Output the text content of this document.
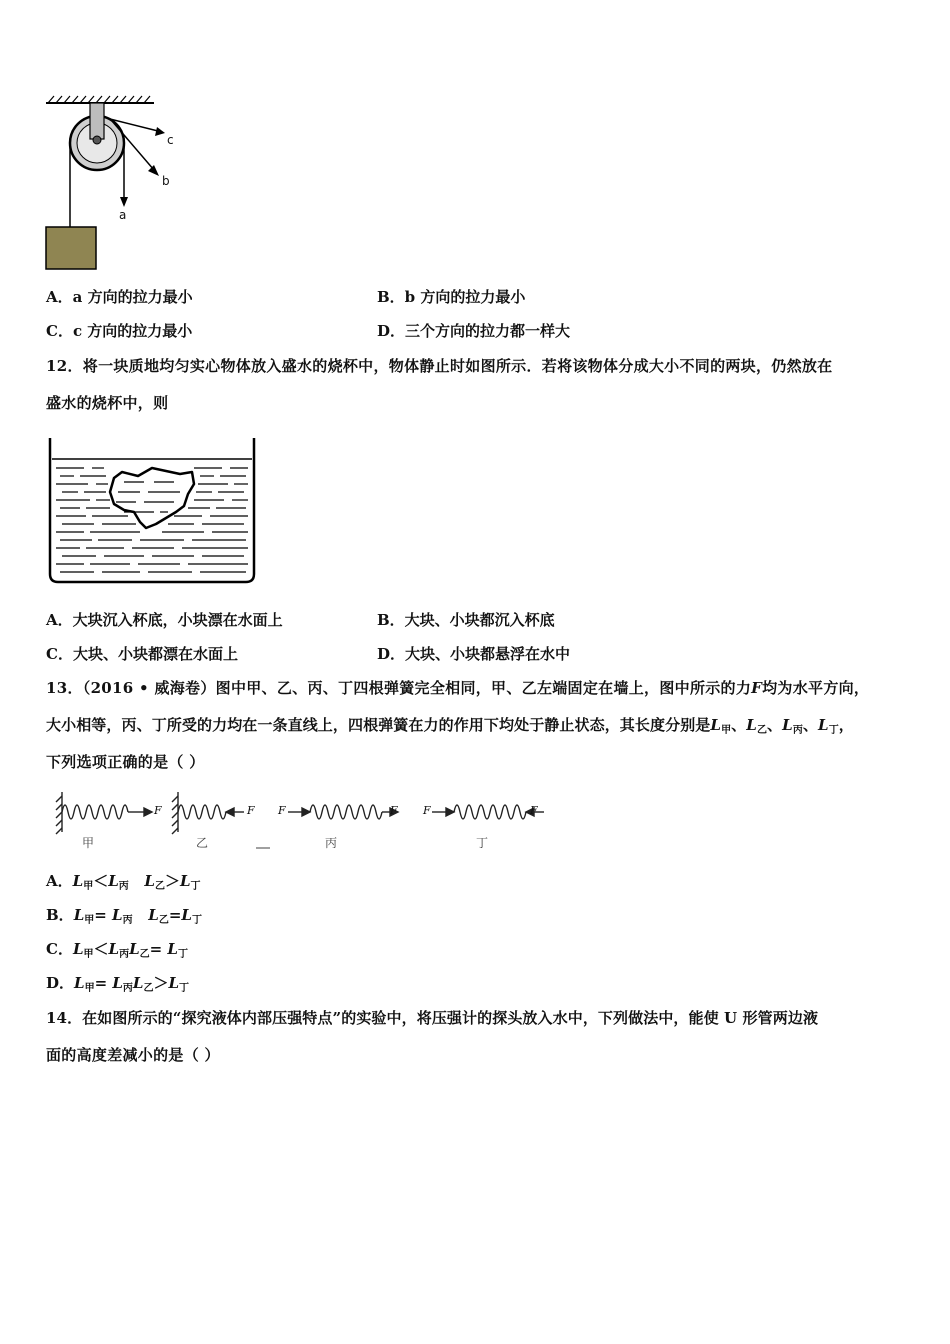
c
b
a
A．a 方向的拉力最小	B．b 方向的拉力最小
C．c 方向的拉力最小	D．三个方向的拉力都一样大
12．将一块质地均匀实心物体放入盛水的烧杯中，物体静止时如图所示．若将该物体分成大小不同的两块，仍然放在
盛水的烧杯中，则
A．大块沉入杯底，小块漂在水面上	B．大块、小块都沉入杯底
C．大块、小块都漂在水面上	D．大块、小块都悬浮在水中
13．（2016 • 威海卷）图中甲、乙、丙、丁四根弹簧完全相同，甲、乙左端固定在墙上，图中所示的力F均为水平方向，
大小相等，丙、丁所受的力均在一条直线上，四根弹簧在力的作用下均处于静止状态，其长度分别是$L_甲$、$L_乙$、$L_丙$、$L_丁$，
下列选项正确的是（ ）
F	F F	F F	F
甲	乙	丙	丁
A．$L_甲<L_丙$ $L_乙>L_丁$
B．$L_甲= L_丙$ $L_乙=L_丁$
C．$L_甲<L_丙L_乙= L_丁$
D．$L_甲= L_丙L_乙>L_丁$
14．在如图所示的“探究液体内部压强特点”的实验中，将压强计的探头放入水中，下列做法中，能使 U 形管两边液
面的高度差减小的是（ ）
